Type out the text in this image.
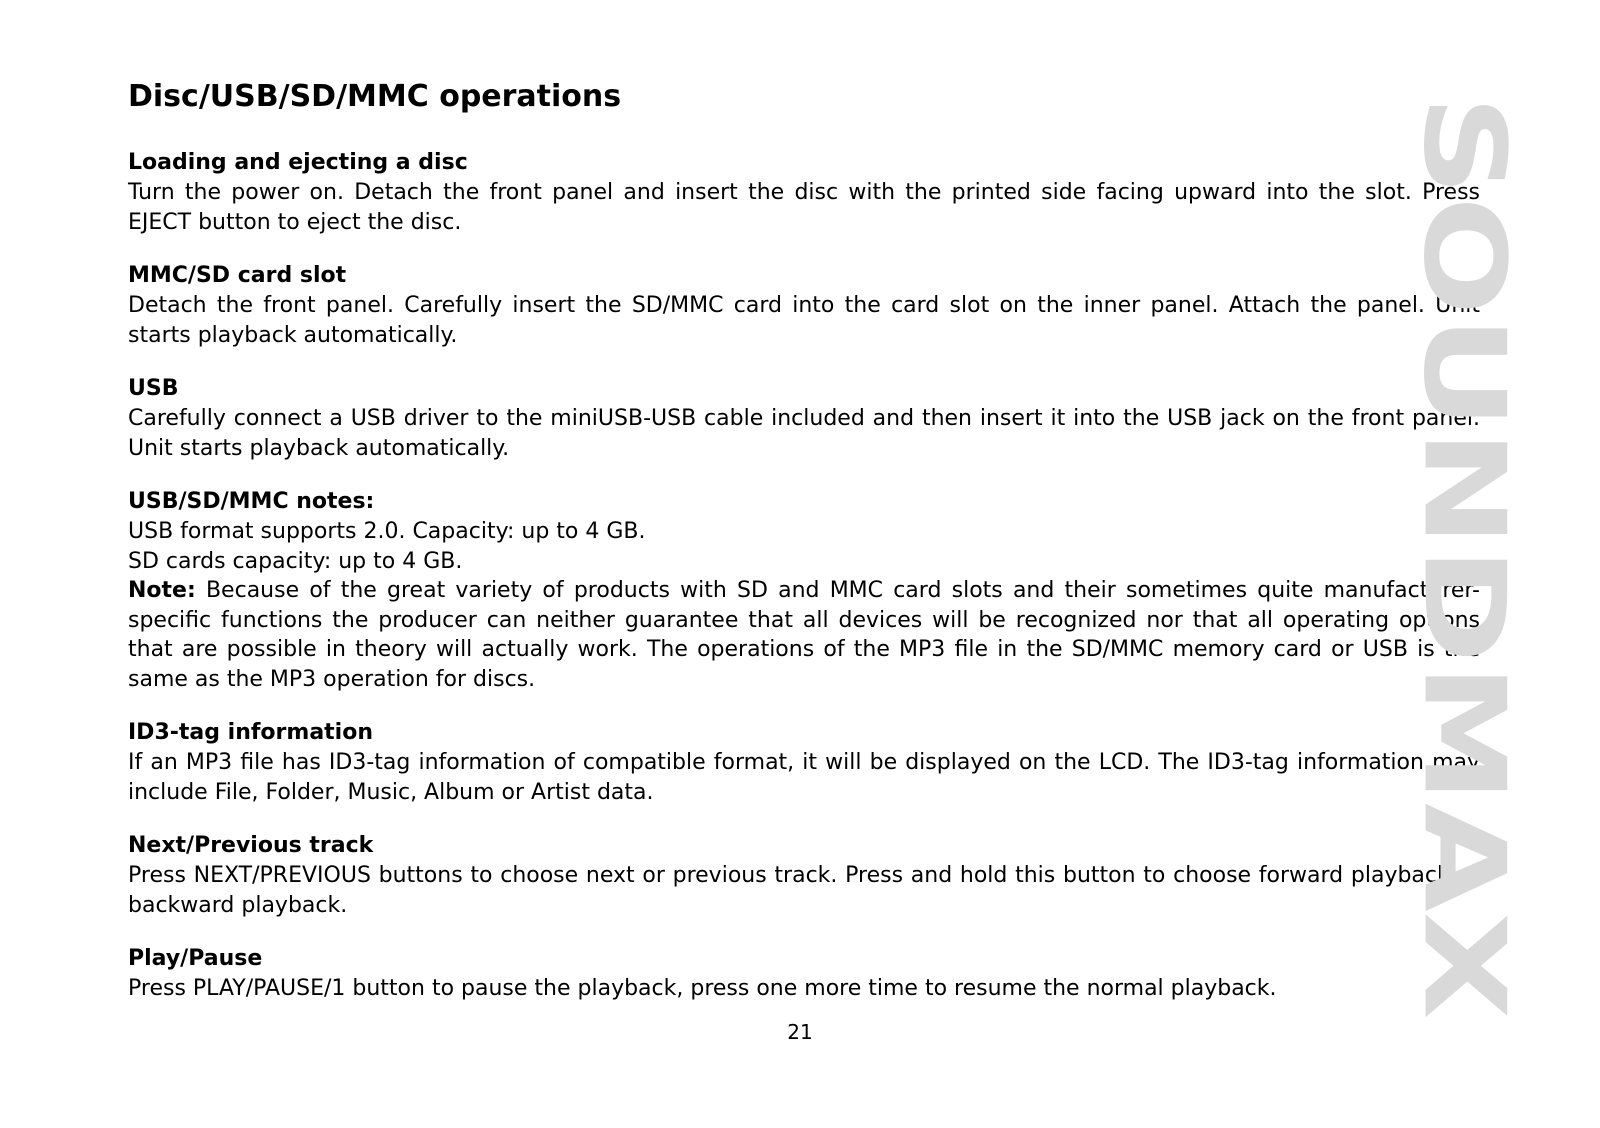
Disc/USB/SD/MMC operations

Loading and ejecting a disc

Turn the power on. Detach the front panel and insert the disc with the printed side facing upward into the slot. Press EJECT button to eject the disc.

MMC/SD card slot

Detach the front panel. Carefully insert the SD/MMC card into the card slot on the inner panel. Attach the panel. Unit starts playback automatically.

USB

Carefully connect a USB driver to the miniUSB-USB cable included and then insert it into the USB jack on the front panel. Unit starts playback automatically.

USB/SD/MMC notes:

USB format supports 2.0. Capacity: up to 4 GB.

SD cards capacity: up to 4 GB.

Note: Because of the great variety of products with SD and MMC card slots and their sometimes quite manufacturer-specific functions the producer can neither guarantee that all devices will be recognized nor that all operating options that are possible in theory will actually work. The operations of the MP3 file in the SD/MMC memory card or USB is the same as the MP3 operation for discs.

ID3-tag information

If an MP3 file has ID3-tag information of compatible format, it will be displayed on the LCD. The ID3-tag information may include File, Folder, Music, Album or Artist data.

Next/Previous track

Press NEXT/PREVIOUS buttons to choose next or previous track. Press and hold this button to choose forward playback or backward playback.

Play/Pause

Press PLAY/PAUSE/1 button to pause the playback, press one more time to resume the normal playback.

21
SOUNDMAX
